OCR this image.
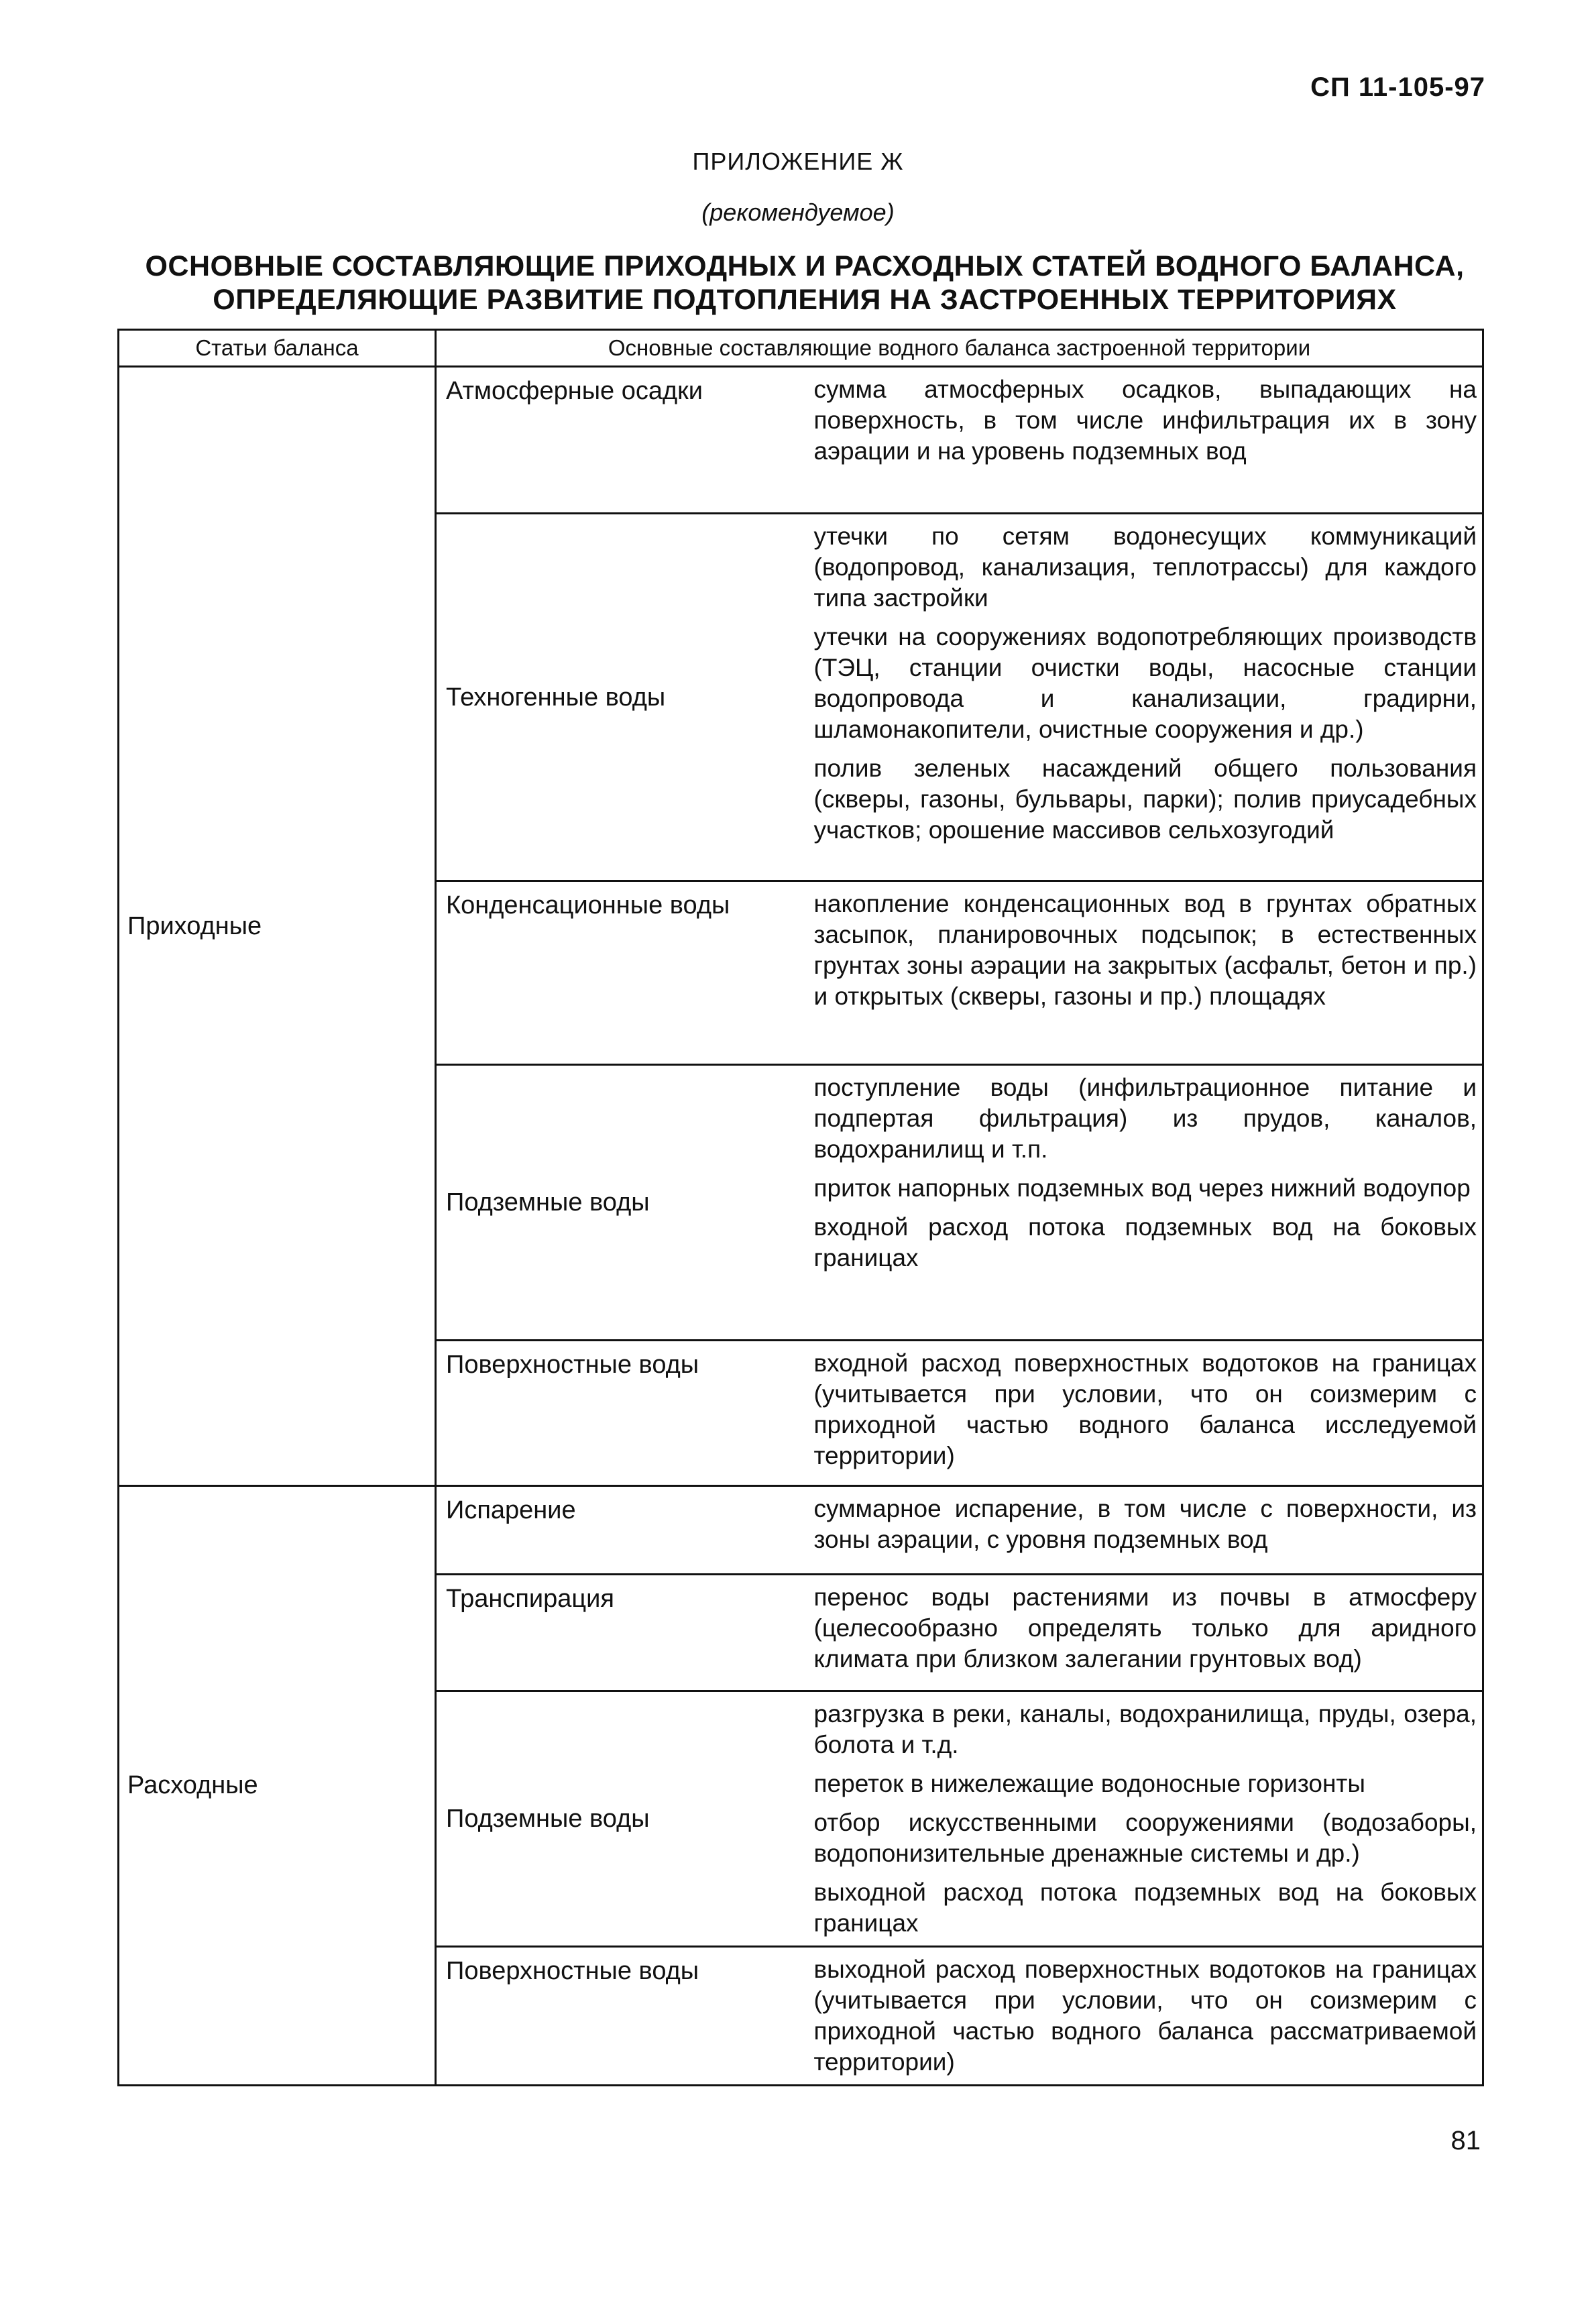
СП 11-105-97
ПРИЛОЖЕНИЕ Ж
(рекомендуемое)
ОСНОВНЫЕ СОСТАВЛЯЮЩИЕ ПРИХОДНЫХ И РАСХОДНЫХ СТАТЕЙ ВОДНОГО БАЛАНСА,
ОПРЕДЕЛЯЮЩИЕ РАЗВИТИЕ ПОДТОПЛЕНИЯ НА ЗАСТРОЕННЫХ ТЕРРИТОРИЯХ
Статьи баланса	Основные составляющие водного баланса застроенной территории	
Приходные	Атмосферные осадки	сумма атмосферных осадков, выпадающих на поверхность, в том числе инфильтрация их в зону аэрации и на уровень подземных вод

	Техногенные воды	утечки по сетям водонесущих коммуникаций (водопровод, канализация, теплотрассы) для каждого типа застройки
утечки на сооружениях водопотребляющих производств (ТЭЦ, станции очистки воды, насосные станции водопровода и канализации, градирни, шламонакопители, очистные сооружения и др.)
полив зеленых насаждений общего пользования (скверы, газоны, бульвары, парки); полив приусадебных участков; орошение массивов сельхозугодий

	Конденсационные воды	накопление конденсационных вод в грунтах обратных засыпок, планировочных подсыпок; в естественных грунтах зоны аэрации на закрытых (асфальт, бетон и пр.) и открытых (скверы, газоны и пр.) площадях

	Подземные воды	поступление воды (инфильтрационное питание и подпертая фильтрация) из прудов, каналов, водохранилищ и т.п.
приток напорных подземных вод через нижний водоупор
входной расход потока подземных вод на боковых границах

	Поверхностные воды	входной расход поверхностных водотоков на границах (учитывается при условии, что он соизмерим с приходной частью водного баланса исследуемой территории)

Расходные	Испарение	суммарное испарение, в том числе с поверхности, из зоны аэрации, с уровня подземных вод

	Транспирация	перенос воды растениями из почвы в атмосферу (целесообразно определять только для аридного климата при близком залегании грунтовых вод)

	Подземные воды	разгрузка в реки, каналы, водохранилища, пруды, озера, болота и т.д.
переток в нижележащие водоносные горизонты
отбор искусственными сооружениями (водозаборы, водопонизительные дренажные системы и др.)
выходной расход потока подземных вод на боковых границах

	Поверхностные воды	выходной расход поверхностных водотоков на границах (учитывается при условии, что он соизмерим с приходной частью водного баланса рассматриваемой территории)
81
